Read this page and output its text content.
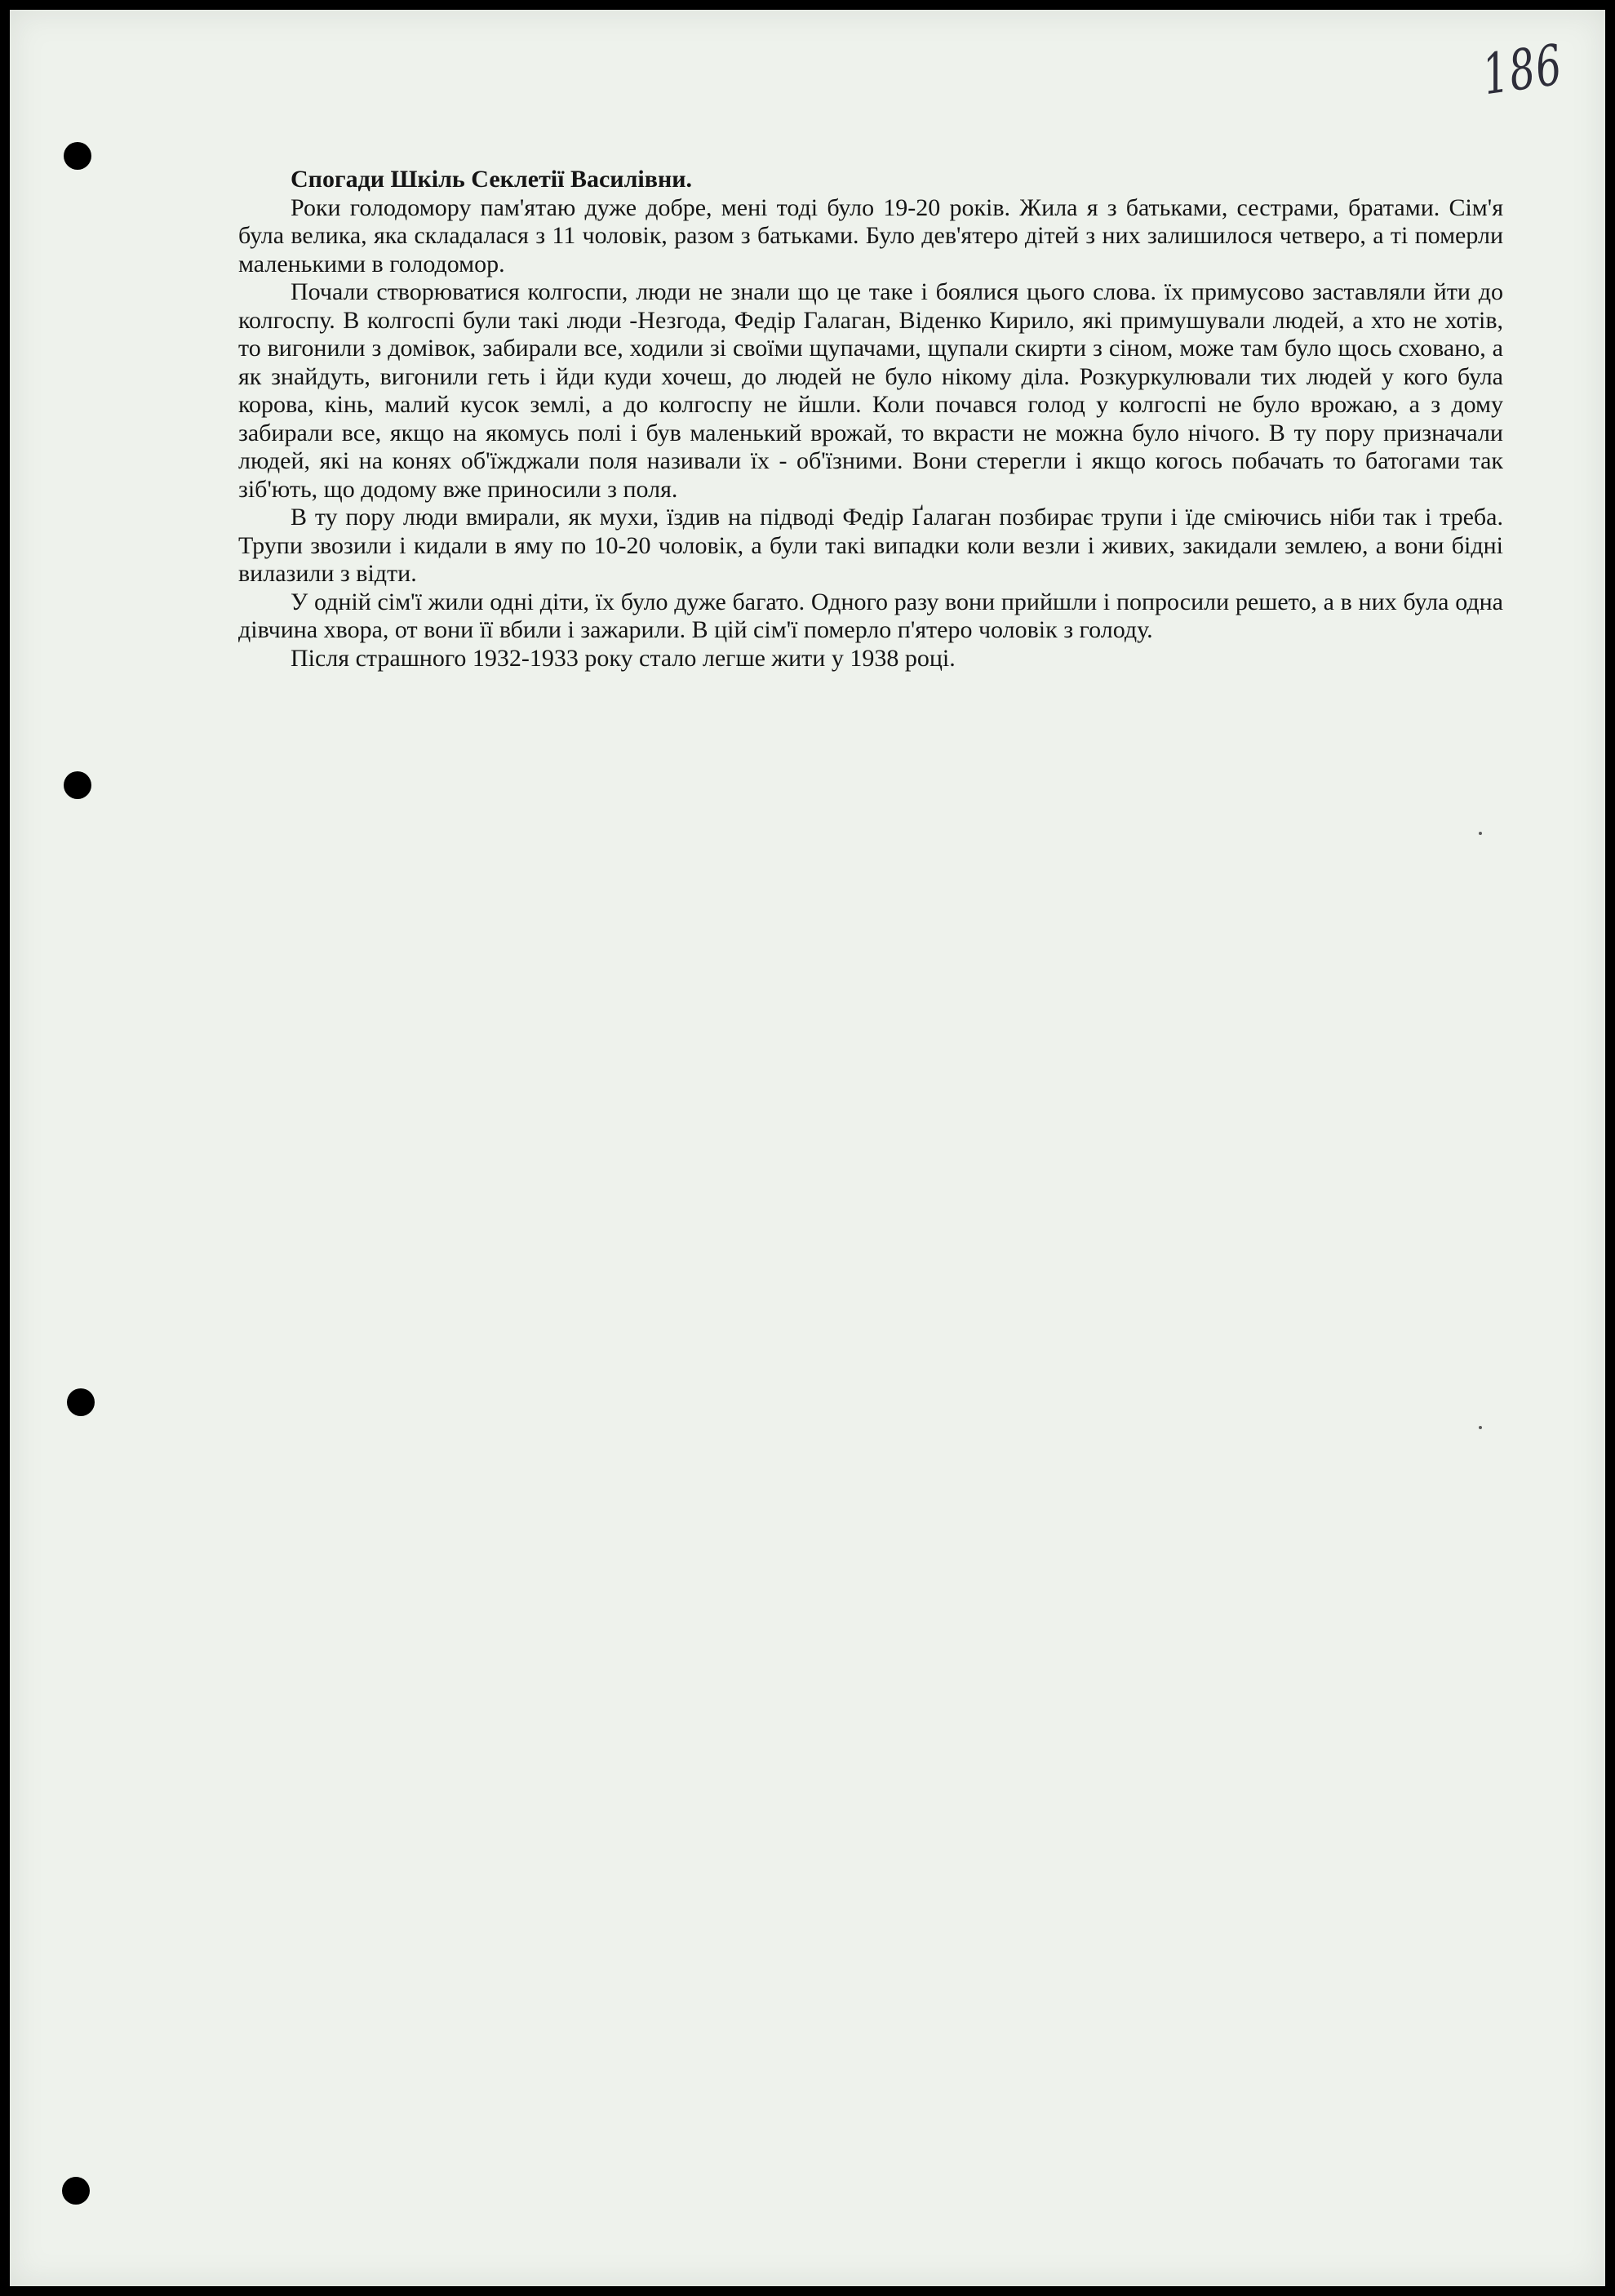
186
Спогади Шкіль Секлетії Василівни.

Роки голодомору пам'ятаю дуже добре, мені тоді було 19-20 років. Жила я з батьками, сестрами, братами. Сім'я була велика, яка складалася з 11 чоловік, разом з батьками. Було дев'ятеро дітей з них залишилося четверо, а ті померли маленькими в голодомор.

Почали створюватися колгоспи, люди не знали що це таке і боялися цього слова. їх примусово заставляли йти до колгоспу. В колгоспі були такі люди -Незгода, Федір Галаган, Віденко Кирило, які примушували людей, а хто не хотів, то вигонили з домівок, забирали все, ходили зі своїми щупачами, щупали скирти з сіном, може там було щось сховано, а як знайдуть, вигонили геть і йди куди хочеш, до людей не було нікому діла. Розкуркулювали тих людей у кого була корова, кінь, малий кусок землі, а до колгоспу не йшли. Коли почався голод у колгоспі не було врожаю, а з дому забирали все, якщо на якомусь полі і був маленький врожай, то вкрасти не можна було нічого. В ту пору призначали людей, які на конях об'їжджали поля називали їх - об'їзними. Вони стерегли і якщо когось побачать то батогами так зіб'ють, що додому вже приносили з поля.

В ту пору люди вмирали, як мухи, їздив на підводі Федір Ґалаган позбирає трупи і їде сміючись ніби так і треба. Трупи звозили і кидали в яму по 10-20 чоловік, а були такі випадки коли везли і живих, закидали землею, а вони бідні вилазили з відти.

У одній сім'ї жили одні діти, їх було дуже багато. Одного разу вони прийшли і попросили решето, а в них була одна дівчина хвора, от вони її вбили і зажарили. В цій сім'ї померло п'ятеро чоловік з голоду.

Після страшного 1932-1933 року стало легше жити у 1938 році.
